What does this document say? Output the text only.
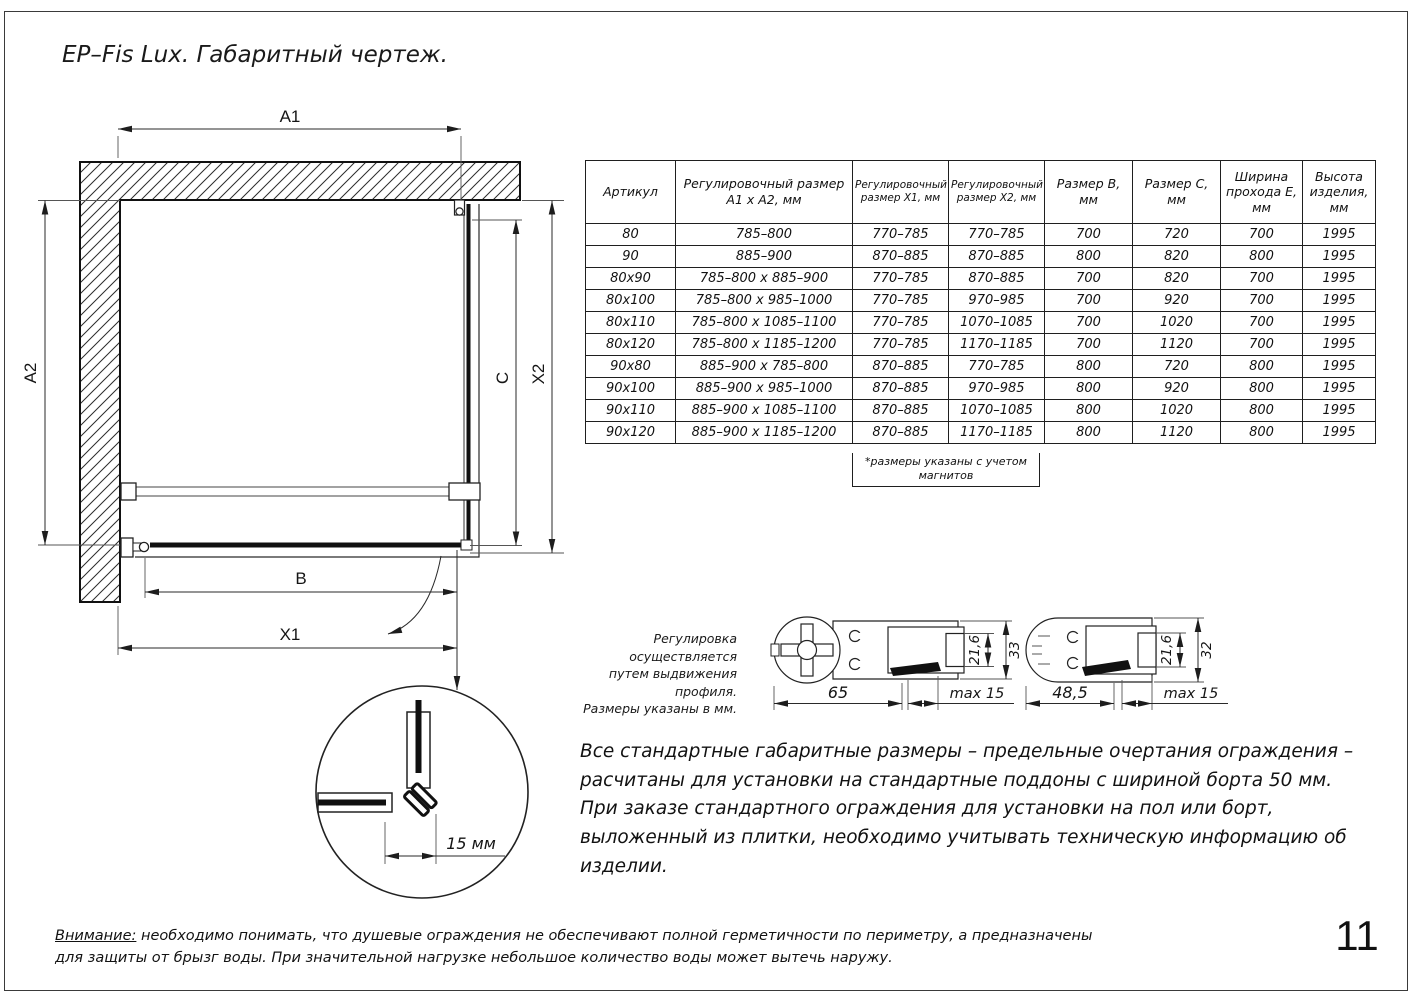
EP–Fis Lux. Габаритный чертеж.
15 мм
A1
A2
X1
B
X2
C
65	max 15
21,6 33
48,5	max 15
21,6 32
Артикул	Регулировочный размер А1 х А2, мм	Регулировочный размер Х1, мм	Регулировочный размер Х2, мм	Размер В, мм	Размер С, мм	Ширина прохода Е, мм	Высота изделия, мм
80	785–800	770–785	770–785	700	720	700	1995
90	885–900	870–885	870–885	800	820	800	1995
80х90	785–800 х 885–900	770–785	870–885	700	820	700	1995
80х100	785–800 х 985–1000	770–785	970–985	700	920	700	1995
80х110	785–800 х 1085–1100	770–785	1070–1085	700	1020	700	1995
80х120	785–800 х 1185–1200	770–785	1170–1185	700	1120	700	1995
90х80	885–900 х 785–800	870–885	770–785	800	720	800	1995
90х100	885–900 х 985–1000	870–885	970–985	800	920	800	1995
90х110	885–900 х 1085–1100	870–885	1070–1085	800	1020	800	1995
90х120	885–900 х 1185–1200	870–885	1170–1185	800	1120	800	1995
*размеры указаны с учетом магнитов
Регулировка осуществляется
путем выдвижения профиля.
Размеры указаны в мм.
Все стандартные габаритные размеры – предельные очертания ограждения – расчитаны для установки на стандартные поддоны с шириной борта 50 мм. При заказе стандартного ограждения для установки на пол или борт, выложенный из плитки, необходимо учитывать техническую информацию об изделии.
Внимание: необходимо понимать, что душевые ограждения не обеспечивают полной герметичности по периметру, а предназначены для защиты от брызг воды. При значительной нагрузке небольшое количество воды может вытечь наружу.	11
